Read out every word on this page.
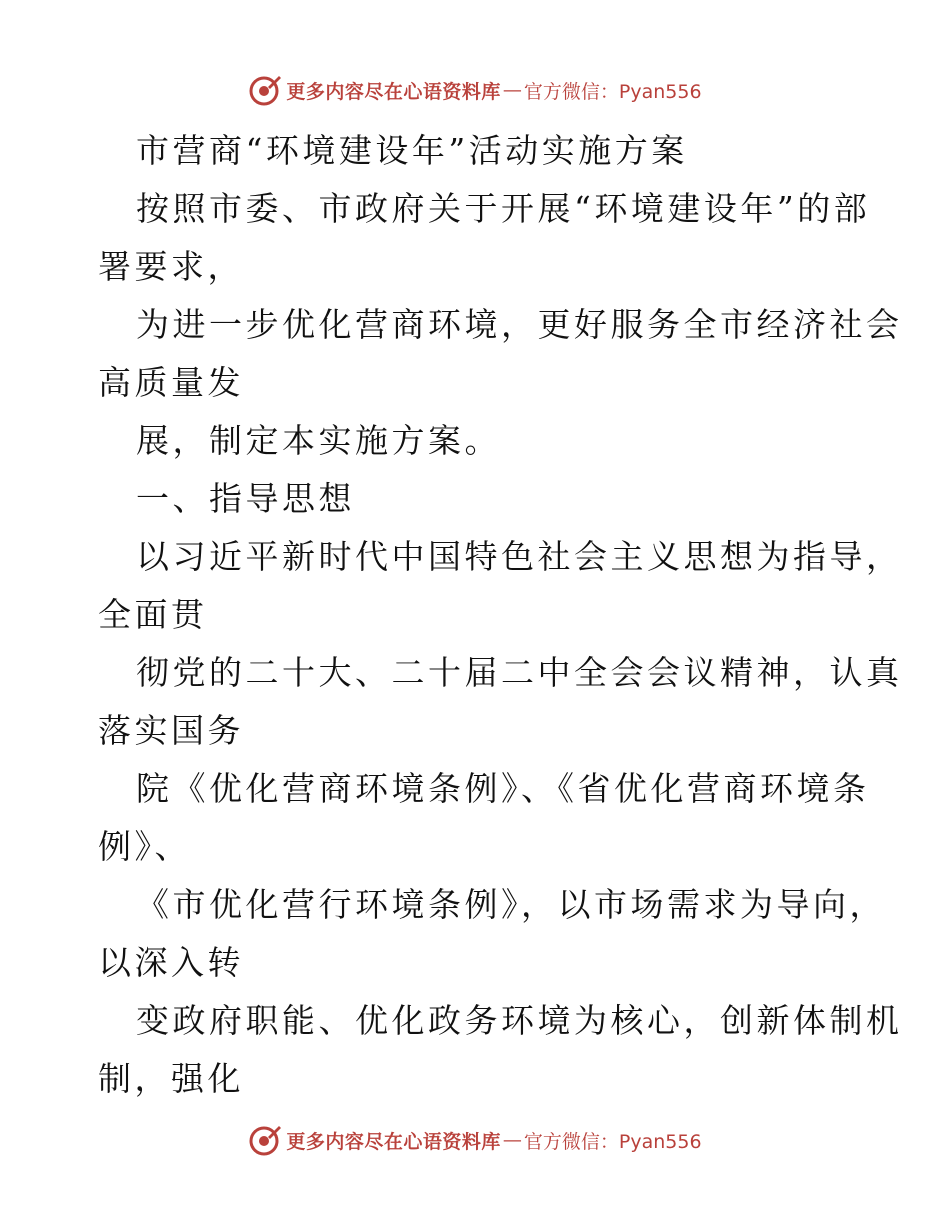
更多内容尽在心语资料库 — 官方微信：Pyan556
市营商“环境建设年”活动实施方案
按照市委、市政府关于开展“环境建设年”的部
署要求，
为进一步优化营商环境，更好服务全市经济社会
高质量发
展，制定本实施方案。
一、指导思想
以习近平新时代中国特色社会主义思想为指导，
全面贯
彻党的二十大、二十届二中全会会议精神，认真
落实国务
院《优化营商环境条例》、《省优化营商环境条
例》、
《市优化营行环境条例》，以市场需求为导向，
以深入转
变政府职能、优化政务环境为核心，创新体制机
制，强化
更多内容尽在心语资料库 — 官方微信：Pyan556
